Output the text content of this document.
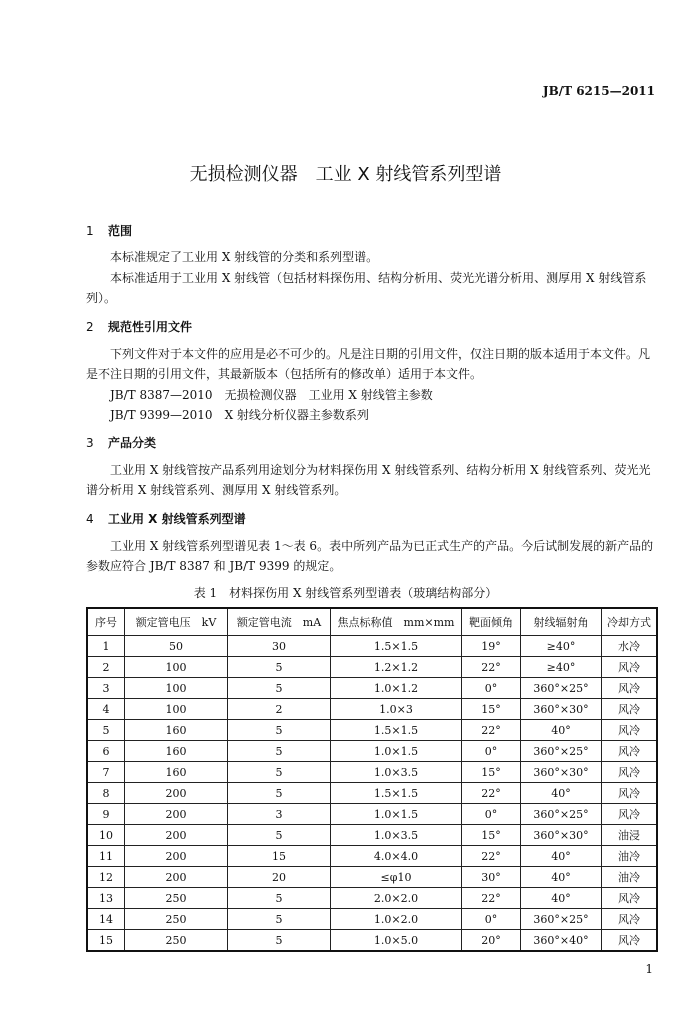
JB/T 6215—2011
无损检测仪器　工业 X 射线管系列型谱
1 范围
本标准规定了工业用 X 射线管的分类和系列型谱。
本标准适用于工业用 X 射线管（包括材料探伤用、结构分析用、荧光光谱分析用、测厚用 X 射线管系列）。
2 规范性引用文件
下列文件对于本文件的应用是必不可少的。凡是注日期的引用文件，仅注日期的版本适用于本文件。凡是不注日期的引用文件，其最新版本（包括所有的修改单）适用于本文件。
JB/T 8387—2010　无损检测仪器　工业用 X 射线管主参数
JB/T 9399—2010　X 射线分析仪器主参数系列
3 产品分类
工业用 X 射线管按产品系列用途划分为材料探伤用 X 射线管系列、结构分析用 X 射线管系列、荧光光谱分析用 X 射线管系列、测厚用 X 射线管系列。
4 工业用 X 射线管系列型谱
工业用 X 射线管系列型谱见表 1～表 6。表中所列产品为已正式生产的产品。今后试制发展的新产品的参数应符合 JB/T 8387 和 JB/T 9399 的规定。
表 1　材料探伤用 X 射线管系列型谱表（玻璃结构部分）
序号	额定管电压　kV	额定管电流　mA	焦点标称值　mm×mm	靶面倾角	射线辐射角	冷却方式
1	50	30	1.5×1.5	19°	≥40°	水冷
2	100	5	1.2×1.2	22°	≥40°	风冷
3	100	5	1.0×1.2	0°	360°×25°	风冷
4	100	2	1.0×3	15°	360°×30°	风冷
5	160	5	1.5×1.5	22°	40°	风冷
6	160	5	1.0×1.5	0°	360°×25°	风冷
7	160	5	1.0×3.5	15°	360°×30°	风冷
8	200	5	1.5×1.5	22°	40°	风冷
9	200	3	1.0×1.5	0°	360°×25°	风冷
10	200	5	1.0×3.5	15°	360°×30°	油浸
11	200	15	4.0×4.0	22°	40°	油冷
12	200	20	≤φ10	30°	40°	油冷
13	250	5	2.0×2.0	22°	40°	风冷
14	250	5	1.0×2.0	0°	360°×25°	风冷
15	250	5	1.0×5.0	20°	360°×40°	风冷
1
